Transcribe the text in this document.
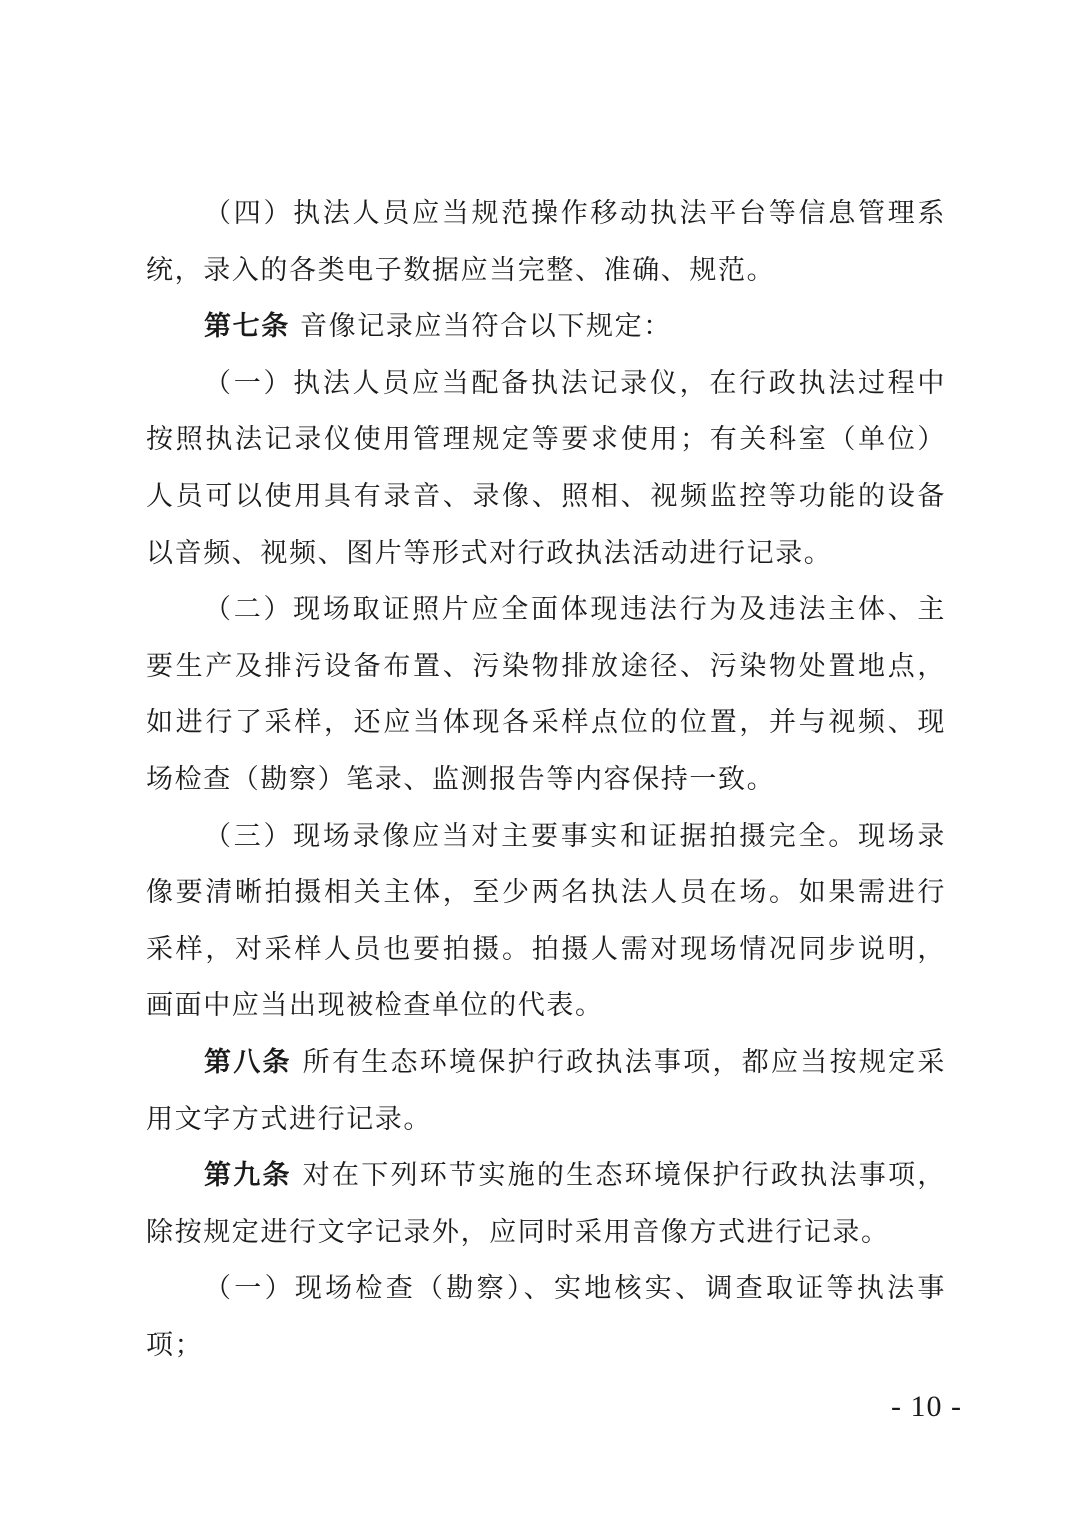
（四）执法人员应当规范操作移动执法平台等信息管理系统，录入的各类电子数据应当完整、准确、规范。

第七条 音像记录应当符合以下规定：

（一）执法人员应当配备执法记录仪，在行政执法过程中按照执法记录仪使用管理规定等要求使用；有关科室（单位）人员可以使用具有录音、录像、照相、视频监控等功能的设备以音频、视频、图片等形式对行政执法活动进行记录。

（二）现场取证照片应全面体现违法行为及违法主体、主要生产及排污设备布置、污染物排放途径、污染物处置地点，如进行了采样，还应当体现各采样点位的位置，并与视频、现场检查（勘察）笔录、监测报告等内容保持一致。

（三）现场录像应当对主要事实和证据拍摄完全。现场录像要清晰拍摄相关主体，至少两名执法人员在场。如果需进行采样，对采样人员也要拍摄。拍摄人需对现场情况同步说明，画面中应当出现被检查单位的代表。

第八条 所有生态环境保护行政执法事项，都应当按规定采用文字方式进行记录。

第九条 对在下列环节实施的生态环境保护行政执法事项，除按规定进行文字记录外，应同时采用音像方式进行记录。

（一）现场检查（勘察）、实地核实、调查取证等执法事项；

- 10 -
